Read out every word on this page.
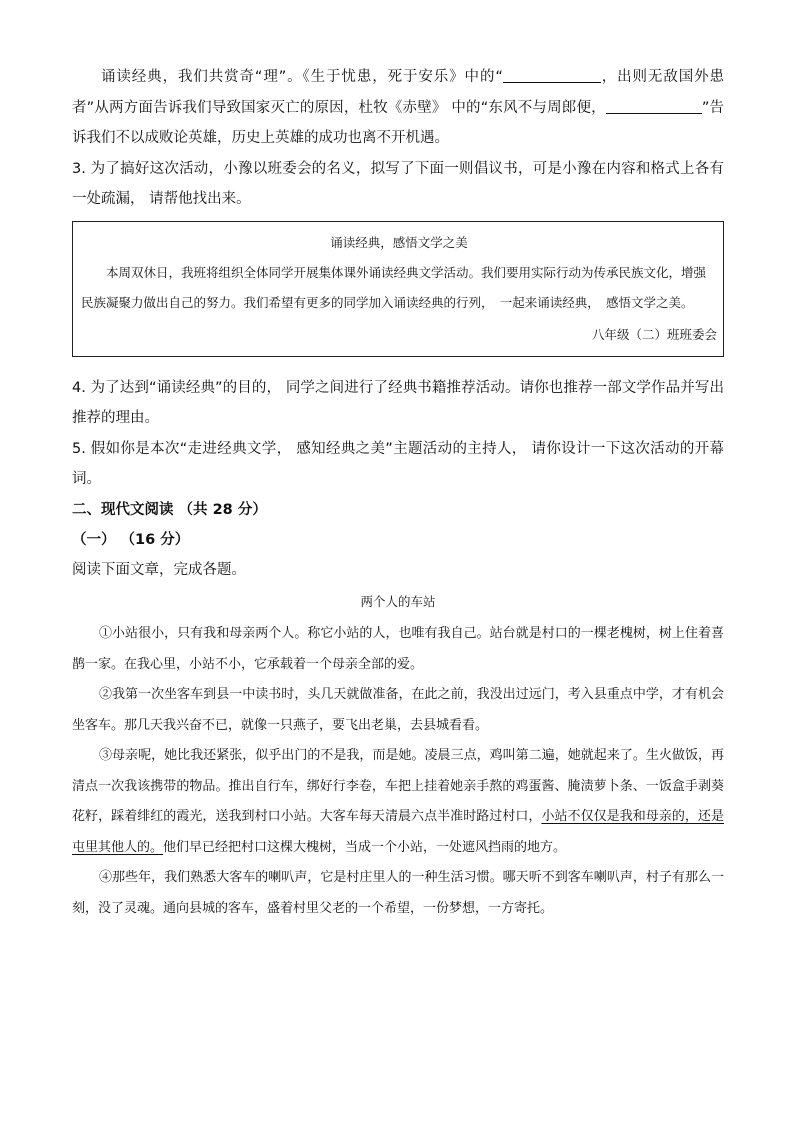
诵读经典，我们共赏奇“理”。《生于忧患，死于安乐》中的“	，出则无敌国外患者”从两方面告诉我们导致国家灭亡的原因，杜牧《赤壁》 中的“东风不与周郎便，	”告诉我们不以成败论英雄，历史上英雄的成功也离不开机遇。

3. 为了搞好这次活动，小豫以班委会的名义，拟写了下面一则倡议书，可是小豫在内容和格式上各有一处疏漏， 请帮他找出来。

诵读经典，感悟文学之美

本周双休日，我班将组织全体同学开展集体课外诵读经典文学活动。我们要用实际行动为传承民族文化，增强民族凝聚力做出自己的努力。我们希望有更多的同学加入诵读经典的行列，　一起来诵读经典，　感悟文学之美。

八年级（二）班班委会

4. 为了达到“诵读经典”的目的， 同学之间进行了经典书籍推荐活动。请你也推荐一部文学作品并写出推荐的理由。

5. 假如你是本次“走进经典文学， 感知经典之美”主题活动的主持人， 请你设计一下这次活动的开幕词。

二、现代文阅读 （共 28 分）

（一） （16 分）

阅读下面文章，完成各题。

两个人的车站

①小站很小，只有我和母亲两个人。称它小站的人，也唯有我自己。站台就是村口的一棵老槐树，树上住着喜鹊一家。在我心里，小站不小，它承载着一个母亲全部的爱。

②我第一次坐客车到县一中读书时，头几天就做准备，在此之前，我没出过远门，考入县重点中学，才有机会坐客车。那几天我兴奋不已，就像一只燕子，要飞出老巢，去县城看看。

③母亲呢，她比我还紧张，似乎出门的不是我，而是她。凌晨三点，鸡叫第二遍，她就起来了。生火做饭，再清点一次我该携带的物品。推出自行车，绑好行李卷，车把上挂着她亲手熬的鸡蛋酱、腌渍萝卜条、一饭盒手剥葵花籽，踩着绯红的霞光，送我到村口小站。大客车每天清晨六点半准时路过村口，小站不仅仅是我和母亲的，还是屯里其他人的。他们早已经把村口这棵大槐树，当成一个小站，一处遮风挡雨的地方。

④那些年，我们熟悉大客车的喇叭声，它是村庄里人的一种生活习惯。哪天听不到客车喇叭声，村子有那么一刻，没了灵魂。通向县城的客车，盛着村里父老的一个希望，一份梦想，一方寄托。
